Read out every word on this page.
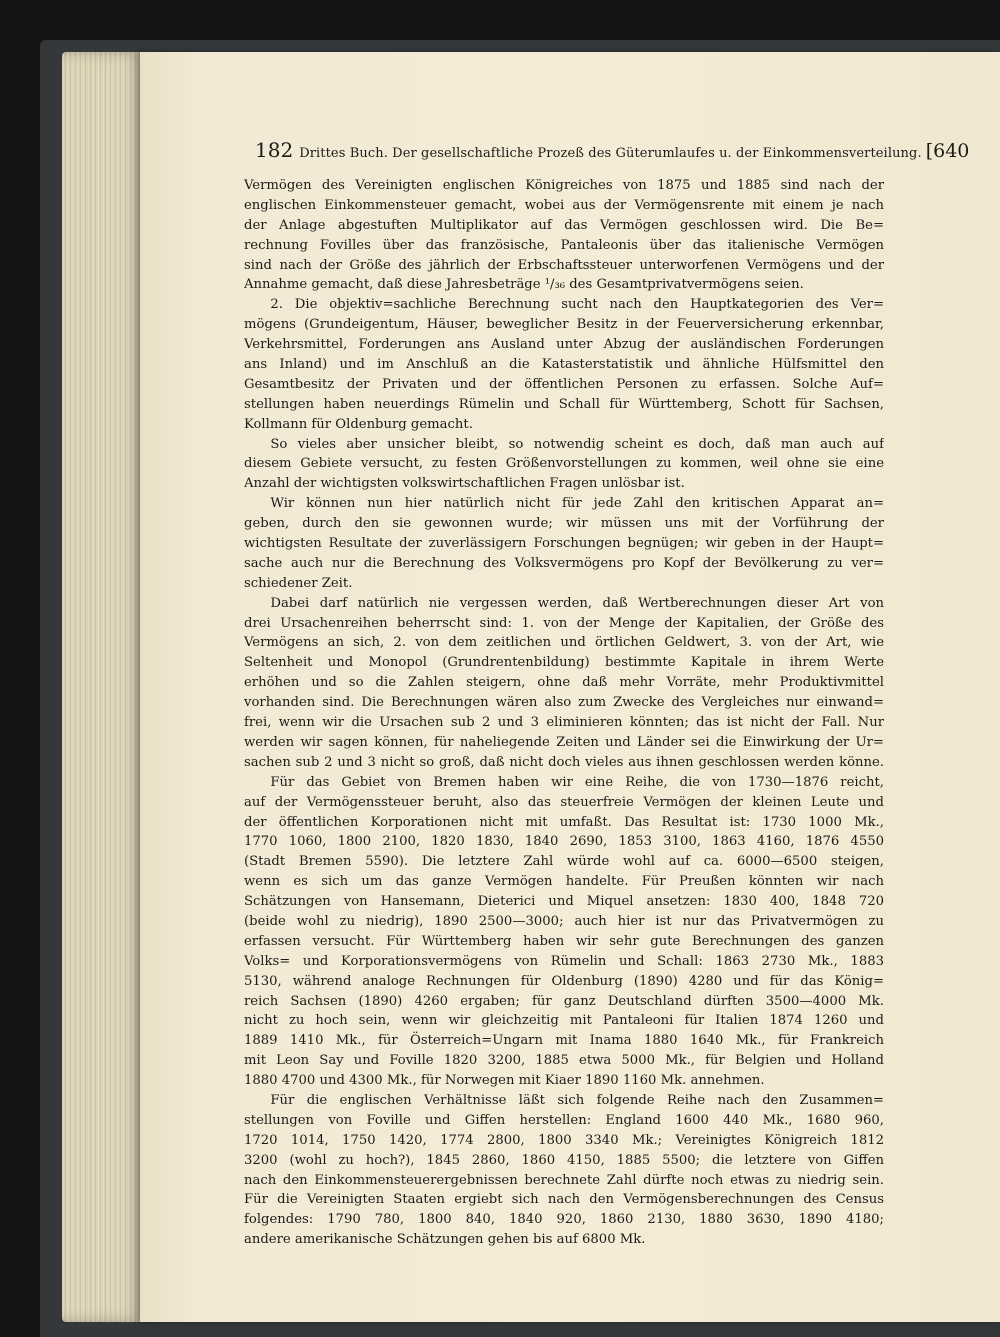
182 Drittes Buch. Der gesellschaftliche Prozeß des Güterumlaufes u. der Einkommensverteilung. [640
Vermögen des Vereinigten englischen Königreiches von 1875 und 1885 sind nach der
englischen Einkommensteuer gemacht, wobei aus der Vermögensrente mit einem je nach
der Anlage abgestuften Multiplikator auf das Vermögen geschlossen wird. Die Be=
rechnung Fovilles über das französische, Pantaleonis über das italienische Vermögen
sind nach der Größe des jährlich der Erbschaftssteuer unterworfenen Vermögens und der
Annahme gemacht, daß diese Jahresbeträge ¹/₃₆ des Gesamtprivatvermögens seien.
  2. Die objektiv=sachliche Berechnung sucht nach den Hauptkategorien des Ver=
mögens (Grundeigentum, Häuser, beweglicher Besitz in der Feuerversicherung erkennbar,
Verkehrsmittel, Forderungen ans Ausland unter Abzug der ausländischen Forderungen
ans Inland) und im Anschluß an die Katasterstatistik und ähnliche Hülfsmittel den
Gesamtbesitz der Privaten und der öffentlichen Personen zu erfassen. Solche Auf=
stellungen haben neuerdings Rümelin und Schall für Württemberg, Schott für Sachsen,
Kollmann für Oldenburg gemacht.
  So vieles aber unsicher bleibt, so notwendig scheint es doch, daß man auch auf
diesem Gebiete versucht, zu festen Größenvorstellungen zu kommen, weil ohne sie eine
Anzahl der wichtigsten volkswirtschaftlichen Fragen unlösbar ist.
  Wir können nun hier natürlich nicht für jede Zahl den kritischen Apparat an=
geben, durch den sie gewonnen wurde; wir müssen uns mit der Vorführung der
wichtigsten Resultate der zuverlässigern Forschungen begnügen; wir geben in der Haupt=
sache auch nur die Berechnung des Volksvermögens pro Kopf der Bevölkerung zu ver=
schiedener Zeit.
  Dabei darf natürlich nie vergessen werden, daß Wertberechnungen dieser Art von
drei Ursachenreihen beherrscht sind: 1. von der Menge der Kapitalien, der Größe des
Vermögens an sich, 2. von dem zeitlichen und örtlichen Geldwert, 3. von der Art, wie
Seltenheit und Monopol (Grundrentenbildung) bestimmte Kapitale in ihrem Werte
erhöhen und so die Zahlen steigern, ohne daß mehr Vorräte, mehr Produktivmittel
vorhanden sind. Die Berechnungen wären also zum Zwecke des Vergleiches nur einwand=
frei, wenn wir die Ursachen sub 2 und 3 eliminieren könnten; das ist nicht der Fall. Nur
werden wir sagen können, für naheliegende Zeiten und Länder sei die Einwirkung der Ur=
sachen sub 2 und 3 nicht so groß, daß nicht doch vieles aus ihnen geschlossen werden könne.
  Für das Gebiet von Bremen haben wir eine Reihe, die von 1730—1876 reicht,
auf der Vermögenssteuer beruht, also das steuerfreie Vermögen der kleinen Leute und
der öffentlichen Korporationen nicht mit umfaßt. Das Resultat ist: 1730 1000 Mk.,
1770 1060, 1800 2100, 1820 1830, 1840 2690, 1853 3100, 1863 4160, 1876 4550
(Stadt Bremen 5590). Die letztere Zahl würde wohl auf ca. 6000—6500 steigen,
wenn es sich um das ganze Vermögen handelte. Für Preußen könnten wir nach
Schätzungen von Hansemann, Dieterici und Miquel ansetzen: 1830 400, 1848 720
(beide wohl zu niedrig), 1890 2500—3000; auch hier ist nur das Privatvermögen zu
erfassen versucht. Für Württemberg haben wir sehr gute Berechnungen des ganzen
Volks= und Korporationsvermögens von Rümelin und Schall: 1863 2730 Mk., 1883
5130, während analoge Rechnungen für Oldenburg (1890) 4280 und für das König=
reich Sachsen (1890) 4260 ergaben; für ganz Deutschland dürften 3500—4000 Mk.
nicht zu hoch sein, wenn wir gleichzeitig mit Pantaleoni für Italien 1874 1260 und
1889 1410 Mk., für Österreich=Ungarn mit Inama 1880 1640 Mk., für Frankreich
mit Leon Say und Foville 1820 3200, 1885 etwa 5000 Mk., für Belgien und Holland
1880 4700 und 4300 Mk., für Norwegen mit Kiaer 1890 1160 Mk. annehmen.
  Für die englischen Verhältnisse läßt sich folgende Reihe nach den Zusammen=
stellungen von Foville und Giffen herstellen: England 1600 440 Mk., 1680 960,
1720 1014, 1750 1420, 1774 2800, 1800 3340 Mk.; Vereinigtes Königreich 1812
3200 (wohl zu hoch?), 1845 2860, 1860 4150, 1885 5500; die letztere von Giffen
nach den Einkommensteuerergebnissen berechnete Zahl dürfte noch etwas zu niedrig sein.
Für die Vereinigten Staaten ergiebt sich nach den Vermögensberechnungen des Census
folgendes: 1790 780, 1800 840, 1840 920, 1860 2130, 1880 3630, 1890 4180;
andere amerikanische Schätzungen gehen bis auf 6800 Mk.
